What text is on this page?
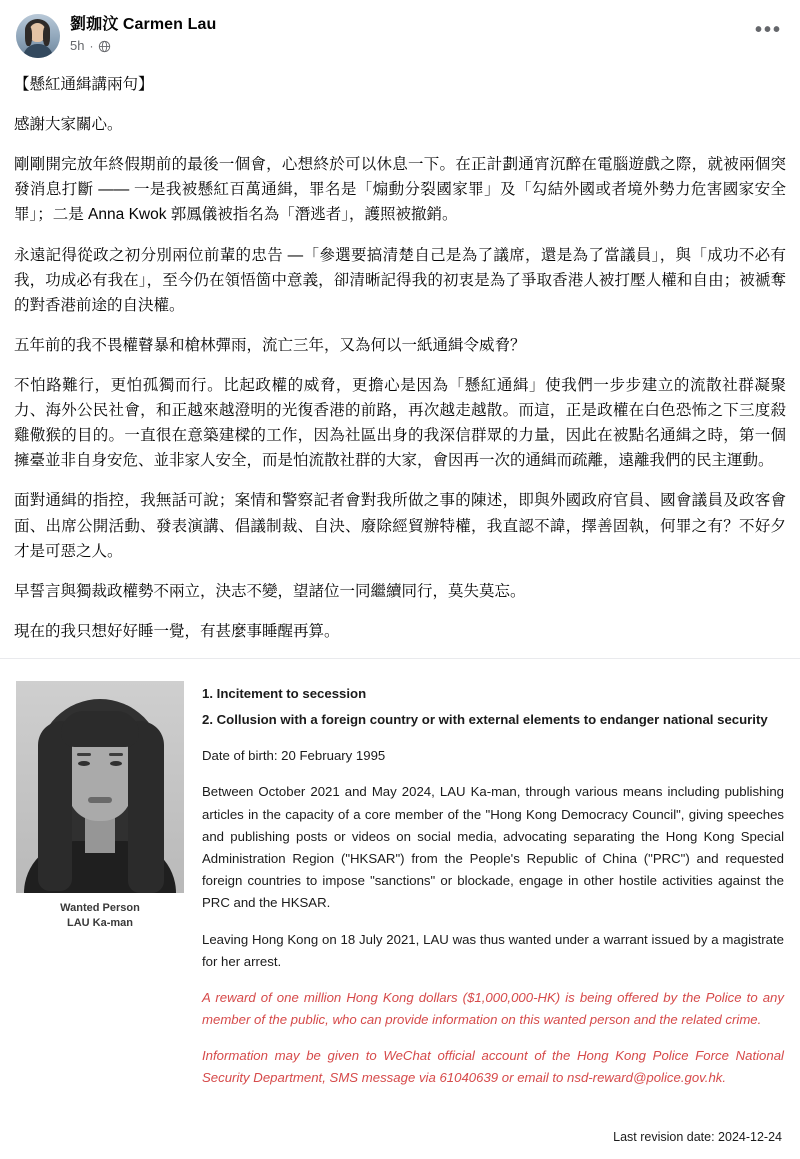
劉珈汶 Carmen Lau
5h ·
•••

【懸紅通緝講兩句】

感謝大家關心。

剛剛開完放年終假期前的最後一個會，心想終於可以休息一下。在正計劃通宵沉醉在電腦遊戲之際，就被兩個突發消息打斷 —— 一是我被懸紅百萬通緝，罪名是「煽動分裂國家罪」及「勾結外國或者境外勢力危害國家安全罪」；二是 Anna Kwok 郭鳳儀被指名為「潛逃者」，護照被撤銷。

永遠記得從政之初分別兩位前輩的忠告 —「參選要搞清楚自己是為了議席，還是為了當議員」，與「成功不必有我，功成必有我在」，至今仍在領悟箇中意義，卻清晰記得我的初衷是為了爭取香港人被打壓人權和自由；被褫奪的對香港前途的自決權。

五年前的我不畏權瞽暴和槍林彈雨，流亡三年，又為何以一紙通緝令威脅？

不怕路難行，更怕孤獨而行。比起政權的威脅，更擔心是因為「懸紅通緝」使我們一步步建立的流散社群凝聚力、海外公民社會，和正越來越澄明的光復香港的前路，再次越走越散。而這，正是政權在白色恐怖之下三度殺雞儆猴的目的。一直很在意築建樑的工作，因為社區出身的我深信群眾的力量，因此在被點名通緝之時，第一個擁臺並非自身安危、並非家人安全，而是怕流散社群的大家，會因再一次的通緝而疏離，遠離我們的民主運動。

面對通緝的指控，我無話可說；案情和警察記者會對我所做之事的陳述，即與外國政府官員、國會議員及政客會面、出席公開活動、發表演講、倡議制裁、自決、廢除經貿辦特權，我直認不諱，擇善固執，何罪之有？不好夕才是可惡之人。

早誓言與獨裁政權勢不兩立，決志不變，望諸位一同繼續同行，莫失莫忘。

現在的我只想好好睡一覺，有甚麼事睡醒再算。

Wanted Person
LAU Ka-man

1. Incitement to secession

2. Collusion with a foreign country or with external elements to endanger national security

Date of birth: 20 February 1995

Between October 2021 and May 2024, LAU Ka-man, through various means including publishing articles in the capacity of a core member of the "Hong Kong Democracy Council", giving speeches and publishing posts or videos on social media, advocating separating the Hong Kong Special Administration Region ("HKSAR") from the People's Republic of China ("PRC") and requested foreign countries to impose "sanctions" or blockade, engage in other hostile activities against the PRC and the HKSAR.

Leaving Hong Kong on 18 July 2021, LAU was thus wanted under a warrant issued by a magistrate for her arrest.

A reward of one million Hong Kong dollars ($1,000,000-HK) is being offered by the Police to any member of the public, who can provide information on this wanted person and the related crime.

Information may be given to WeChat official account of the Hong Kong Police Force National Security Department, SMS message via 61040639 or email to nsd-reward@police.gov.hk.

Last revision date: 2024-12-24
